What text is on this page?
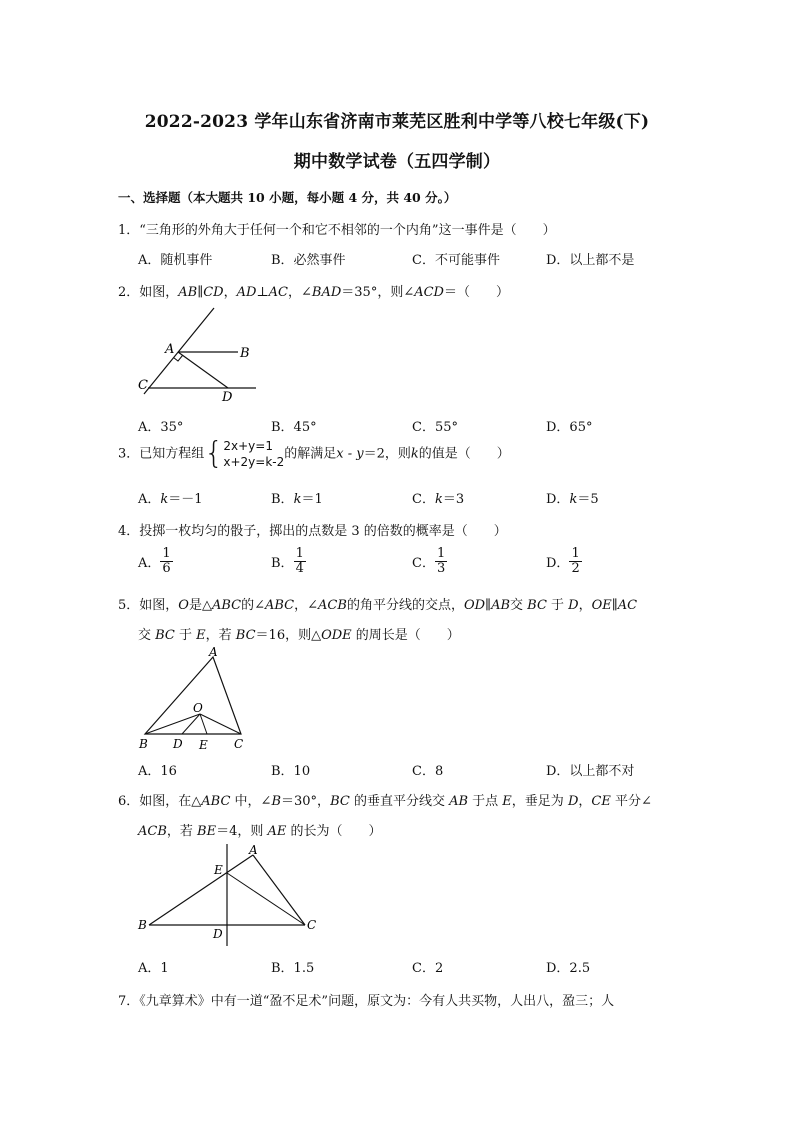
2022-2023 学年山东省济南市莱芜区胜利中学等八校七年级(下)
期中数学试卷（五四学制）
一、选择题（本大题共 10 小题，每小题 4 分，共 40 分。）
1．“三角形的外角大于任何一个和它不相邻的一个内角”这一事件是（　　）
A．随机事件	B．必然事件	C．不可能事件	D．以上都不是
2．如图，AB∥CD，AD⊥AC，∠BAD＝35°，则∠ACD＝（　　）
A	B
C
D
A．35°	B．45°	C．55°	D．65°
3．已知方程组 { 2x+y=1
x+2y=k-2
的解满足x - y＝2，则k的值是（　　）
A．k＝－1	B．k＝1	C．k＝3	D．k＝5
4．投掷一枚均匀的骰子，掷出的点数是 3 的倍数的概率是（　　）
A． $\frac{1}{6}$	B． $\frac{1}{4}$	C． $\frac{1}{3}$	D． $\frac{1}{2}$
5．如图，O是△ABC的∠ABC，∠ACB的角平分线的交点，OD∥AB交 BC 于 D，OE∥AC
交 BC 于 E，若 BC＝16，则△ODE 的周长是（　　）
A
O
B D E C
A．16	B．10	C．8	D．以上都不对
6．如图，在△ABC 中，∠B＝30°，BC 的垂直平分线交 AB 于点 E，垂足为 D，CE 平分∠
ACB，若 BE＝4，则 AE 的长为（　　）
A
E
B
D
C
A．1	B．1.5	C．2	D．2.5
7．《九章算术》中有一道“盈不足术”问题，原文为：今有人共买物，人出八，盈三；人
